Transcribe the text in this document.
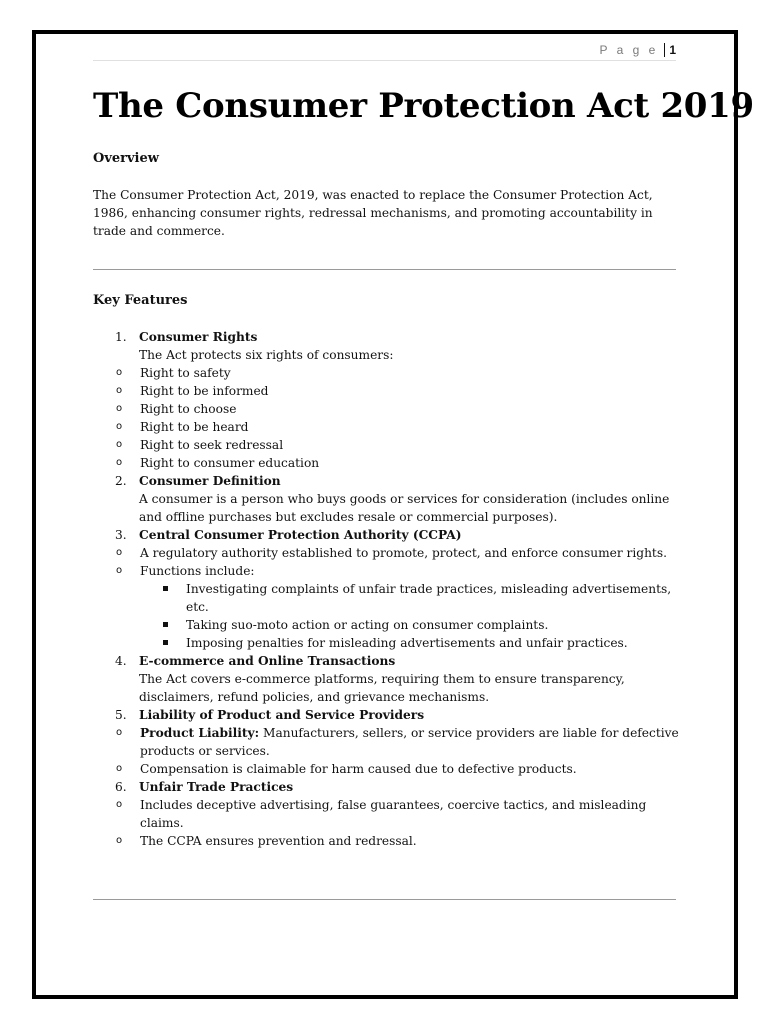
P a g e 1
The Consumer Protection Act 2019
Overview

The Consumer Protection Act, 2019, was enacted to replace the Consumer Protection Act, 1986, enhancing consumer rights, redressal mechanisms, and promoting accountability in trade and commerce.

Key Features
1. Consumer Rights
The Act protects six rights of consumers:
o Right to safety
o Right to be informed
o Right to choose
o Right to be heard
o Right to seek redressal
o Right to consumer education
2. Consumer Definition
A consumer is a person who buys goods or services for consideration (includes online and offline purchases but excludes resale or commercial purposes).
3. Central Consumer Protection Authority (CCPA)
o A regulatory authority established to promote, protect, and enforce consumer rights.
o Functions include:
Investigating complaints of unfair trade practices, misleading advertisements, etc.
Taking suo-moto action or acting on consumer complaints.
Imposing penalties for misleading advertisements and unfair practices.
4. E-commerce and Online Transactions
The Act covers e-commerce platforms, requiring them to ensure transparency, disclaimers, refund policies, and grievance mechanisms.
5. Liability of Product and Service Providers
o Product Liability: Manufacturers, sellers, or service providers are liable for defective products or services.
o Compensation is claimable for harm caused due to defective products.
6. Unfair Trade Practices
o Includes deceptive advertising, false guarantees, coercive tactics, and misleading claims.
o The CCPA ensures prevention and redressal.
